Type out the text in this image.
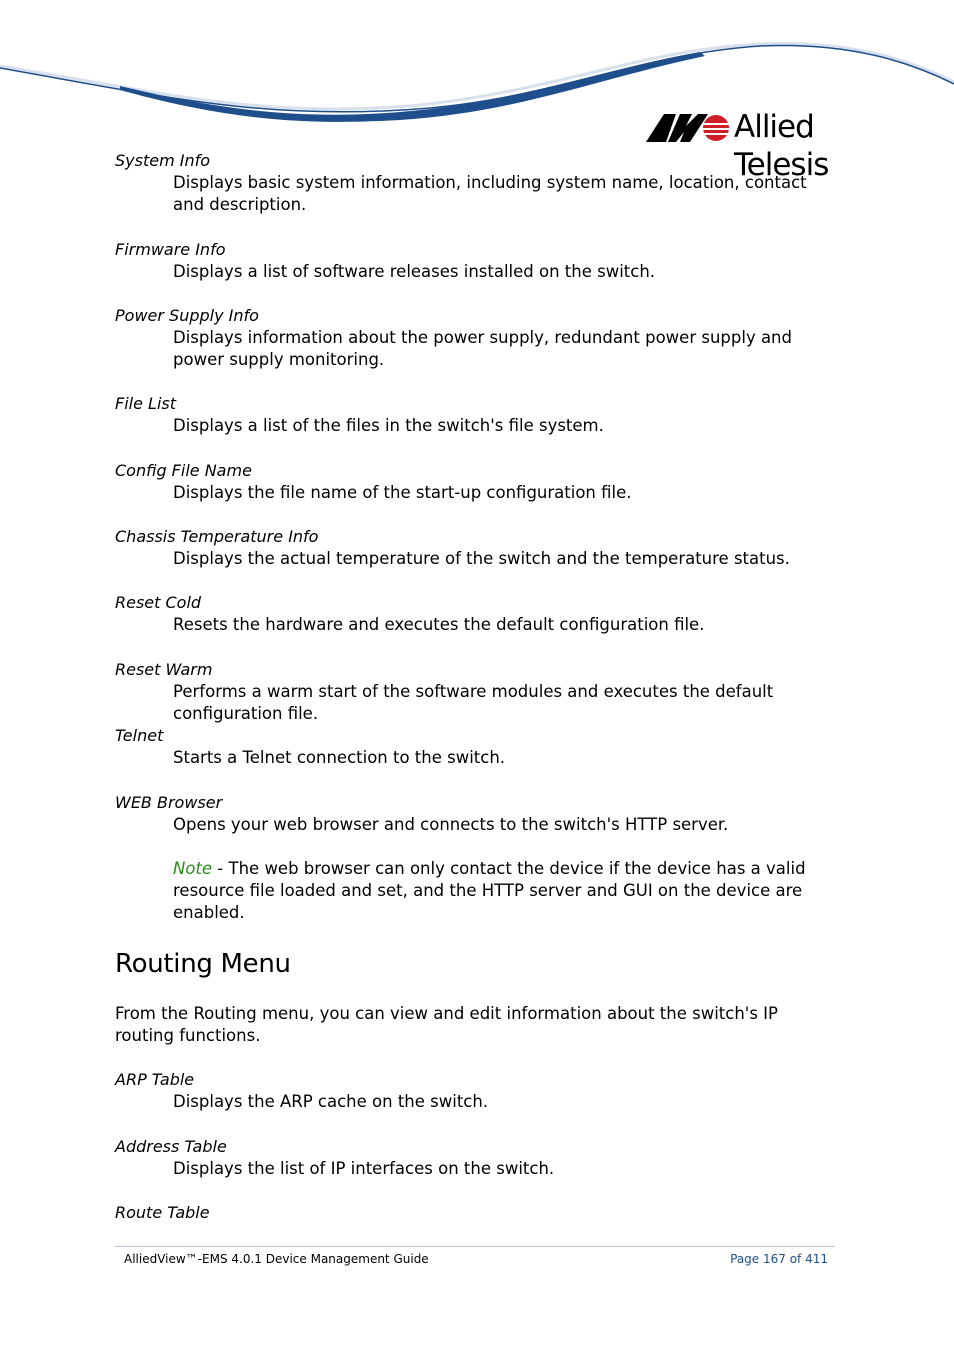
Allied Telesis

System Info

Displays basic system information, including system name, location, contact and description.

Firmware Info

Displays a list of software releases installed on the switch.

Power Supply Info

Displays information about the power supply, redundant power supply and power supply monitoring.

File List

Displays a list of the files in the switch's file system.

Config File Name

Displays the file name of the start-up configuration file.

Chassis Temperature Info

Displays the actual temperature of the switch and the temperature status.

Reset Cold

Resets the hardware and executes the default configuration file.

Reset Warm

Performs a warm start of the software modules and executes the default configuration file.

Telnet

Starts a Telnet connection to the switch.

WEB Browser

Opens your web browser and connects to the switch's HTTP server.

Note - The web browser can only contact the device if the device has a valid resource file loaded and set, and the HTTP server and GUI on the device are enabled.

Routing Menu

From the Routing menu, you can view and edit information about the switch's IP routing functions.

ARP Table

Displays the ARP cache on the switch.

Address Table

Displays the list of IP interfaces on the switch.

Route Table

AlliedView™-EMS 4.0.1 Device Management Guide	Page 167 of 411
